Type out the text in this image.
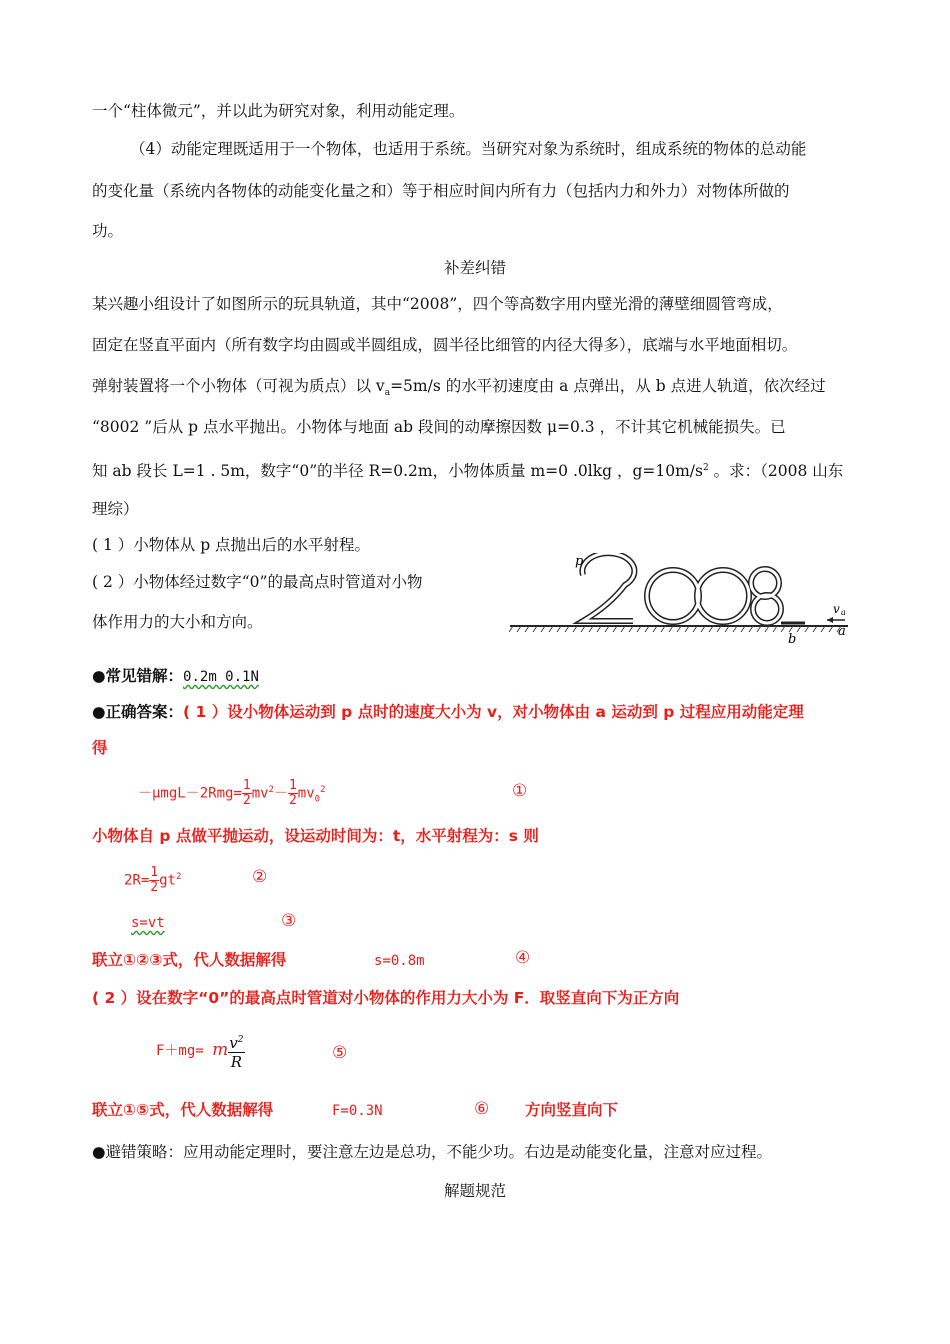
一个“柱体微元”，并以此为研究对象，利用动能定理。
（4）动能定理既适用于一个物体，也适用于系统。当研究对象为系统时，组成系统的物体的总动能
的变化量（系统内各物体的动能变化量之和）等于相应时间内所有力（包括内力和外力）对物体所做的
功。
补差纠错
某兴趣小组设计了如图所示的玩具轨道，其中“2008”，四个等高数字用内壁光滑的薄壁细圆管弯成，
固定在竖直平面内（所有数字均由圆或半圆组成，圆半径比细管的内径大得多），底端与水平地面相切。
弹射装置将一个小物体（可视为质点）以 $v_a=5m/s$ 的水平初速度由 a 点弹出，从 b 点进人轨道，依次经过
“8002 ”后从 p 点水平抛出。小物体与地面 ab 段间的动摩擦因数 μ=0.3 ，不计其它机械能损失。已
知 ab 段长 L=1 . 5m，数字“0”的半径 R=0.2m，小物体质量 m=0 .0lkg ，$g=10m/s^2$ 。求：（2008 山东
理综）
( 1 ）小物体从 p 点抛出后的水平射程。
( 2 ）小物体经过数字“0”的最高点时管道对小物
体作用力的大小和方向。
p
b
a
v a
●常见错解：0.2m 0.1N
●正确答案：( 1 ）设小物体运动到 p 点时的速度大小为 v，对小物体由 a 运动到 p 过程应用动能定理
得
$-\mu mgL-2Rmg= \frac{1}{2} mv^2- \frac{1}{2} mv_0^2$	①
小物体自 p 点做平抛运动，设运动时间为：t，水平射程为：s 则
$2R= \frac{1}{2} gt^2$	②
s=vt	③
联立①②③式，代人数据解得	s=0.8m	④
( 2 ）设在数字“0”的最高点时管道对小物体的作用力大小为 F．取竖直向下为正方向
F＋mg= m $\frac{v^2}{R}$	⑤
联立①⑤式，代人数据解得	F=0.3N	⑥ 方向竖直向下
●避错策略：应用动能定理时，要注意左边是总功，不能少功。右边是动能变化量，注意对应过程。
解题规范
